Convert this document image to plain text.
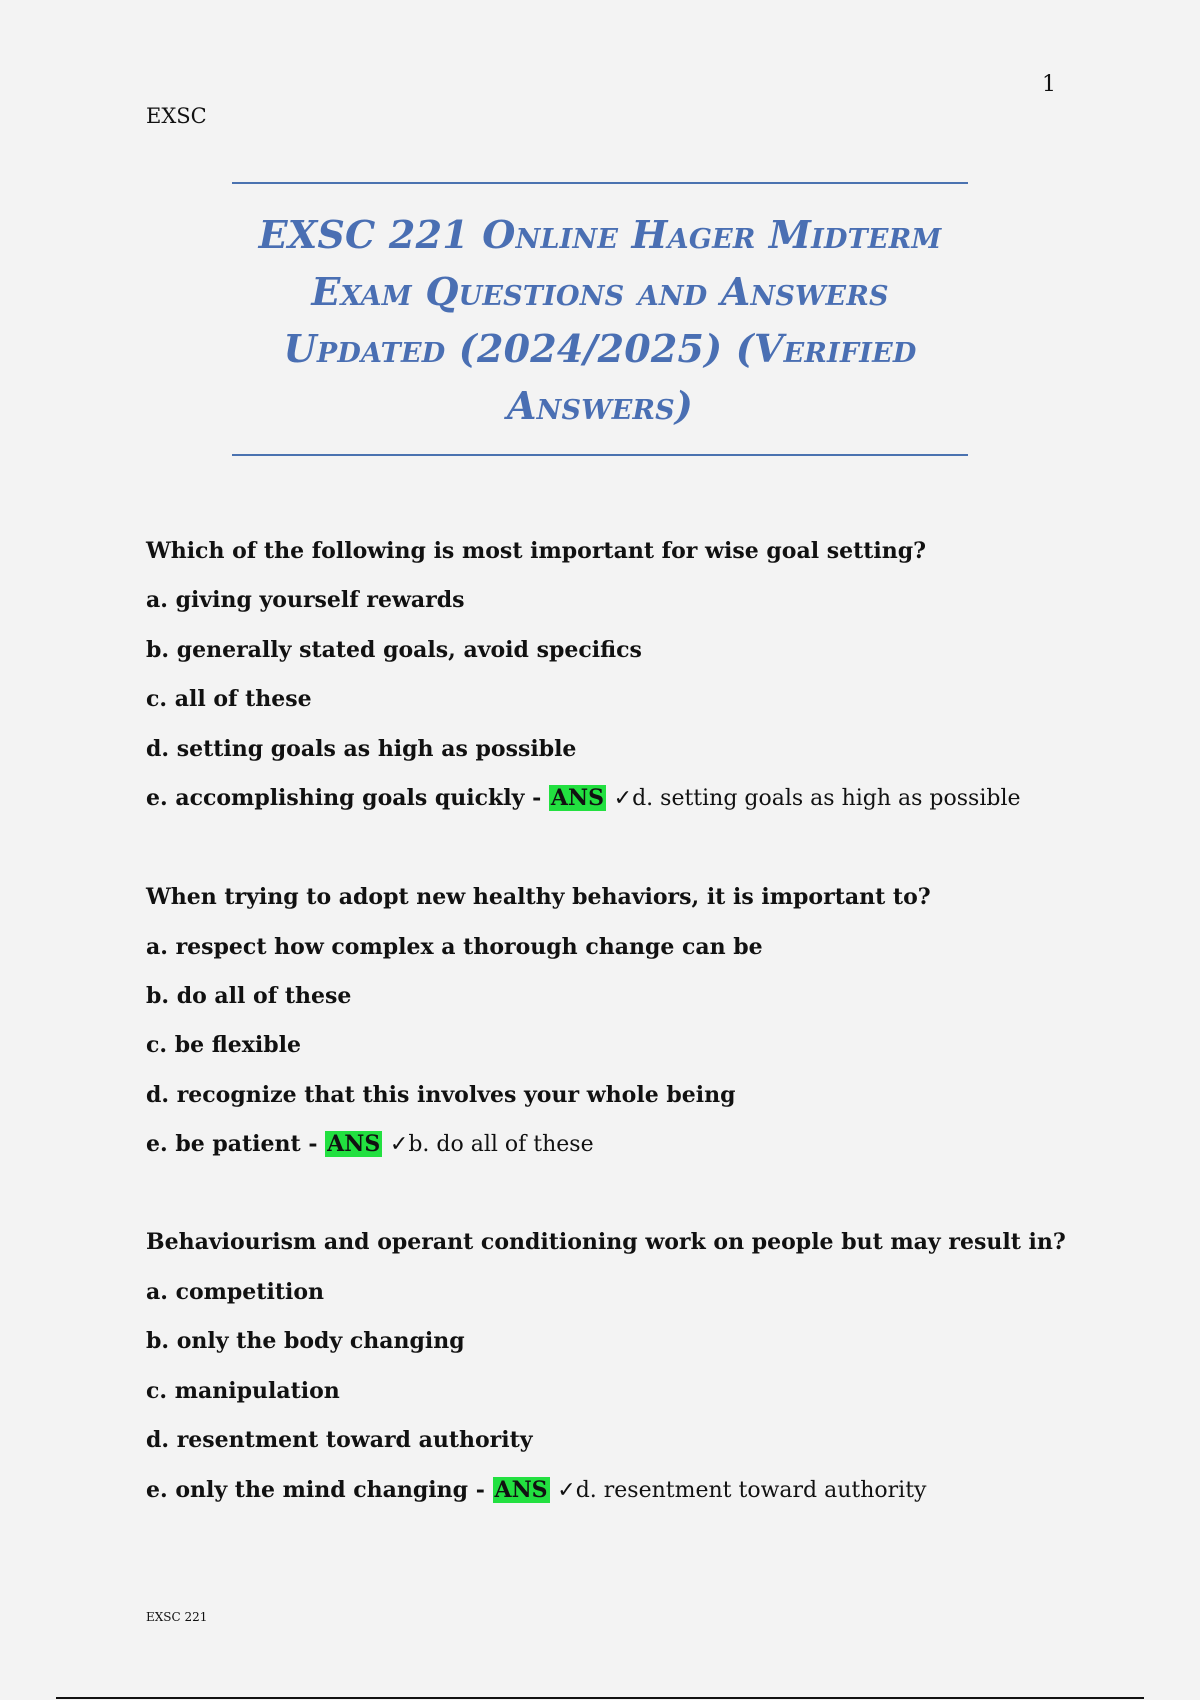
1
EXSC
EXSC 221 Online Hager Midterm
Exam Questions and Answers
Updated (2024/2025) (Verified
Answers)
Which of the following is most important for wise goal setting?
a. giving yourself rewards
b. generally stated goals, avoid specifics
c. all of these
d. setting goals as high as possible
e. accomplishing goals quickly - ANS ✓d. setting goals as high as possible
When trying to adopt new healthy behaviors, it is important to?
a. respect how complex a thorough change can be
b. do all of these
c. be flexible
d. recognize that this involves your whole being
e. be patient - ANS ✓b. do all of these
Behaviourism and operant conditioning work on people but may result in?
a. competition
b. only the body changing
c. manipulation
d. resentment toward authority
e. only the mind changing - ANS ✓d. resentment toward authority
EXSC 221
